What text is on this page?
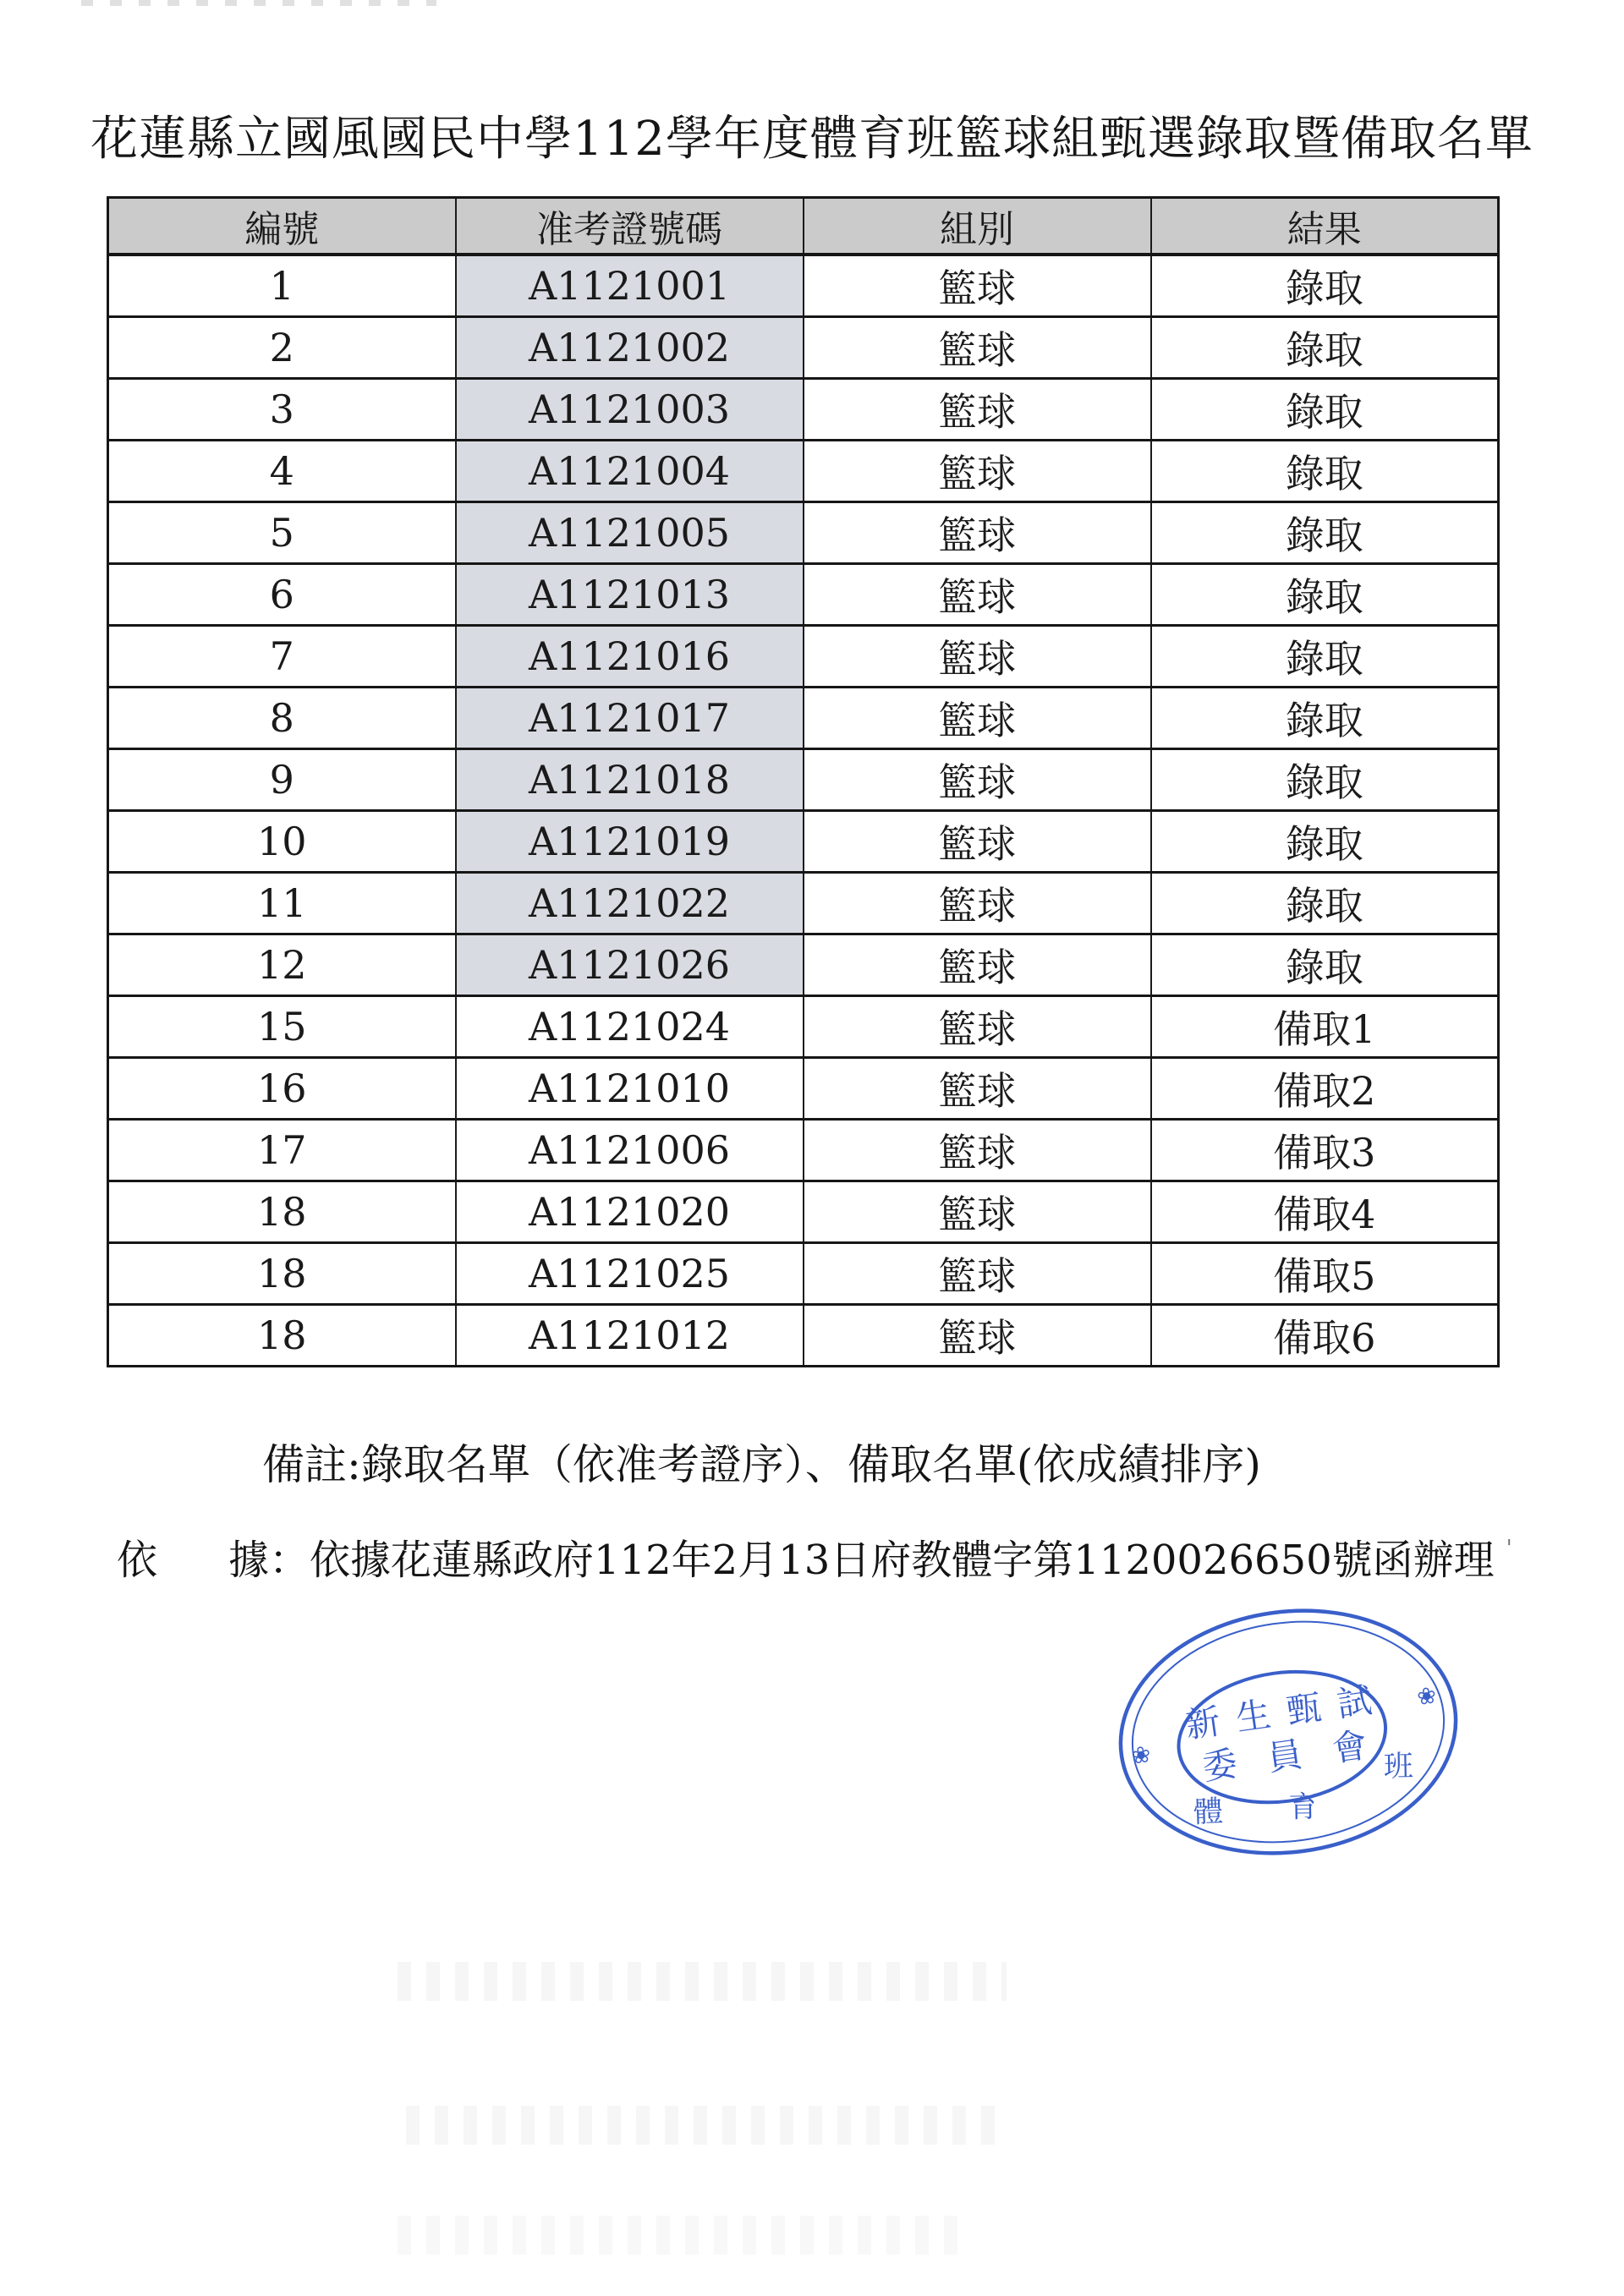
花蓮縣立國風國民中學112學年度體育班籃球組甄選錄取暨備取名單
編號	准考證號碼	組別	結果
1	A1121001	籃球	錄取
2	A1121002	籃球	錄取
3	A1121003	籃球	錄取
4	A1121004	籃球	錄取
5	A1121005	籃球	錄取
6	A1121013	籃球	錄取
7	A1121016	籃球	錄取
8	A1121017	籃球	錄取
9	A1121018	籃球	錄取
10	A1121019	籃球	錄取
11	A1121022	籃球	錄取
12	A1121026	籃球	錄取
15	A1121024	籃球	備取1
16	A1121010	籃球	備取2
17	A1121006	籃球	備取3
18	A1121020	籃球	備取4
18	A1121025	籃球	備取5
18	A1121012	籃球	備取6
備註:錄取名單（依准考證序）、備取名單(依成績排序)
依 據：依據花蓮縣政府112年2月13日府教體字第1120026650號函辦理 '
❀
❀
新生甄試
委員會
體 育
班
